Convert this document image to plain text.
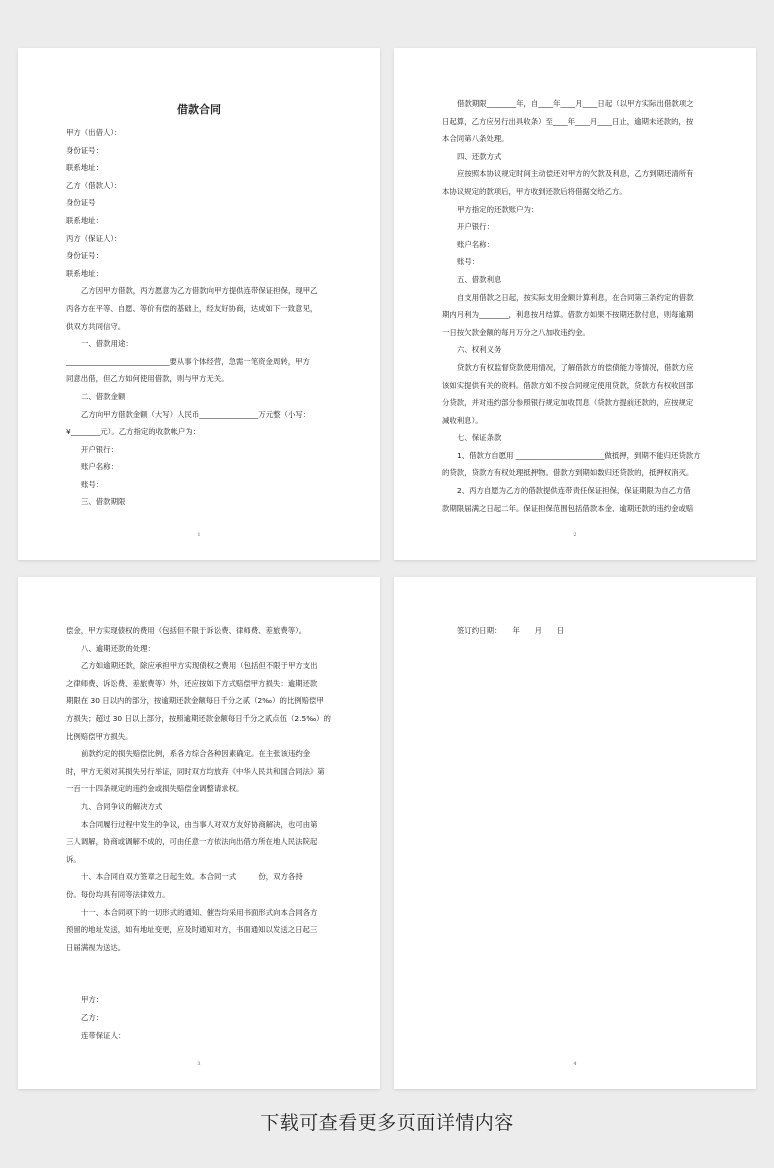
借款合同
甲方（出借人）：
身份证号：
联系地址：
乙方（借款人）：
身份证号
联系地址：
丙方（保证人）：
身份证号：
联系地址：
乙方因甲方借款，丙方愿意为乙方借款向甲方提供连带保证担保，现甲乙
丙各方在平等、自愿、等价有偿的基础上，经友好协商，达成如下一致意见，
供双方共同信守。
一、借款用途：
____________________________要从事个体经营，急需一笔资金周转，甲方
同意出借，但乙方如何使用借款，则与甲方无关。
二、借款金额
乙方向甲方借款金额（大写）人民币________________万元整（小写：
¥________元）。乙方指定的收款帐户为：
开户银行：
账户名称：
账号：
三、借款期限
1
借款期限________年，自____年____月____日起（以甲方实际出借款项之
日起算，乙方应另行出具收条）至____年____月____日止，逾期未还款的，按
本合同第八条处理。
四、还款方式
应按照本协议规定时间主动偿还对甲方的欠款及利息，乙方到期还清所有
本协议规定的款项后，甲方收到还款后将借据交给乙方。
甲方指定的还款账户为：
开户银行：
账户名称：
账号：
五、借款利息
自支用借款之日起，按实际支用金额计算利息，在合同第三条约定的借款
期内月利为________，利息按月结算。借款方如果不按期还款付息，则每逾期
一日按欠款金额的每月万分之八加收违约金。
六、权利义务
贷款方有权监督贷款使用情况，了解借款方的偿债能力等情况，借款方应
该如实提供有关的资料。借款方如不按合同规定使用贷款，贷款方有权收回部
分贷款，并对违约部分参照银行规定加收罚息（贷款方提前还款的，应按规定
减收利息）。
七、保证条款
1、借款方自愿用 ________________________做抵押，到期不能归还贷款方
的贷款，贷款方有权处理抵押物。借款方到期如数归还贷款的，抵押权消灭。
2、丙方自愿为乙方的借款提供连带责任保证担保，保证期限为自乙方借
款期限届满之日起二年。保证担保范围包括借款本金、逾期还款的违约金或赔
2
偿金，甲方实现债权的费用（包括但不限于诉讼费、律师费、差旅费等）。
八、逾期还款的处理：
乙方如逾期还款，除应承担甲方实现债权之费用（包括但不限于甲方支出
之律师费、诉讼费、差旅费等）外，还应按如下方式赔偿甲方损失：逾期还款
期限在 30 日以内的部分，按逾期还款金额每日千分之贰（2‰）的比例赔偿甲
方损失；超过 30 日以上部分，按照逾期还款金额每日千分之贰点伍（2.5‰）的
比例赔偿甲方损失。
前款约定的损失赔偿比例，系各方综合各种因素确定。在主张该违约金
时，甲方无须对其损失另行举证，同时双方均放弃《中华人民共和国合同法》第
一百一十四条规定的违约金或损失赔偿金调整请求权。
九、合同争议的解决方式
本合同履行过程中发生的争议，由当事人对双方友好协商解决，也可由第
三人调解，协商或调解不成的，可由任意一方依法向出借方所在地人民法院起
诉。
十、本合同自双方签章之日起生效。本合同一式　　　份，双方各持
份。每份均具有同等法律效力。
十一、本合同项下的一切形式的通知、催告均采用书面形式向本合同各方
预留的地址发送，如有地址变更，应及时通知对方，书面通知以发送之日起三
日届满视为送达。

甲方：
乙方：
连带保证人：
3
签订约日期：　　年　　月　　日
4
下载可查看更多页面详情内容
